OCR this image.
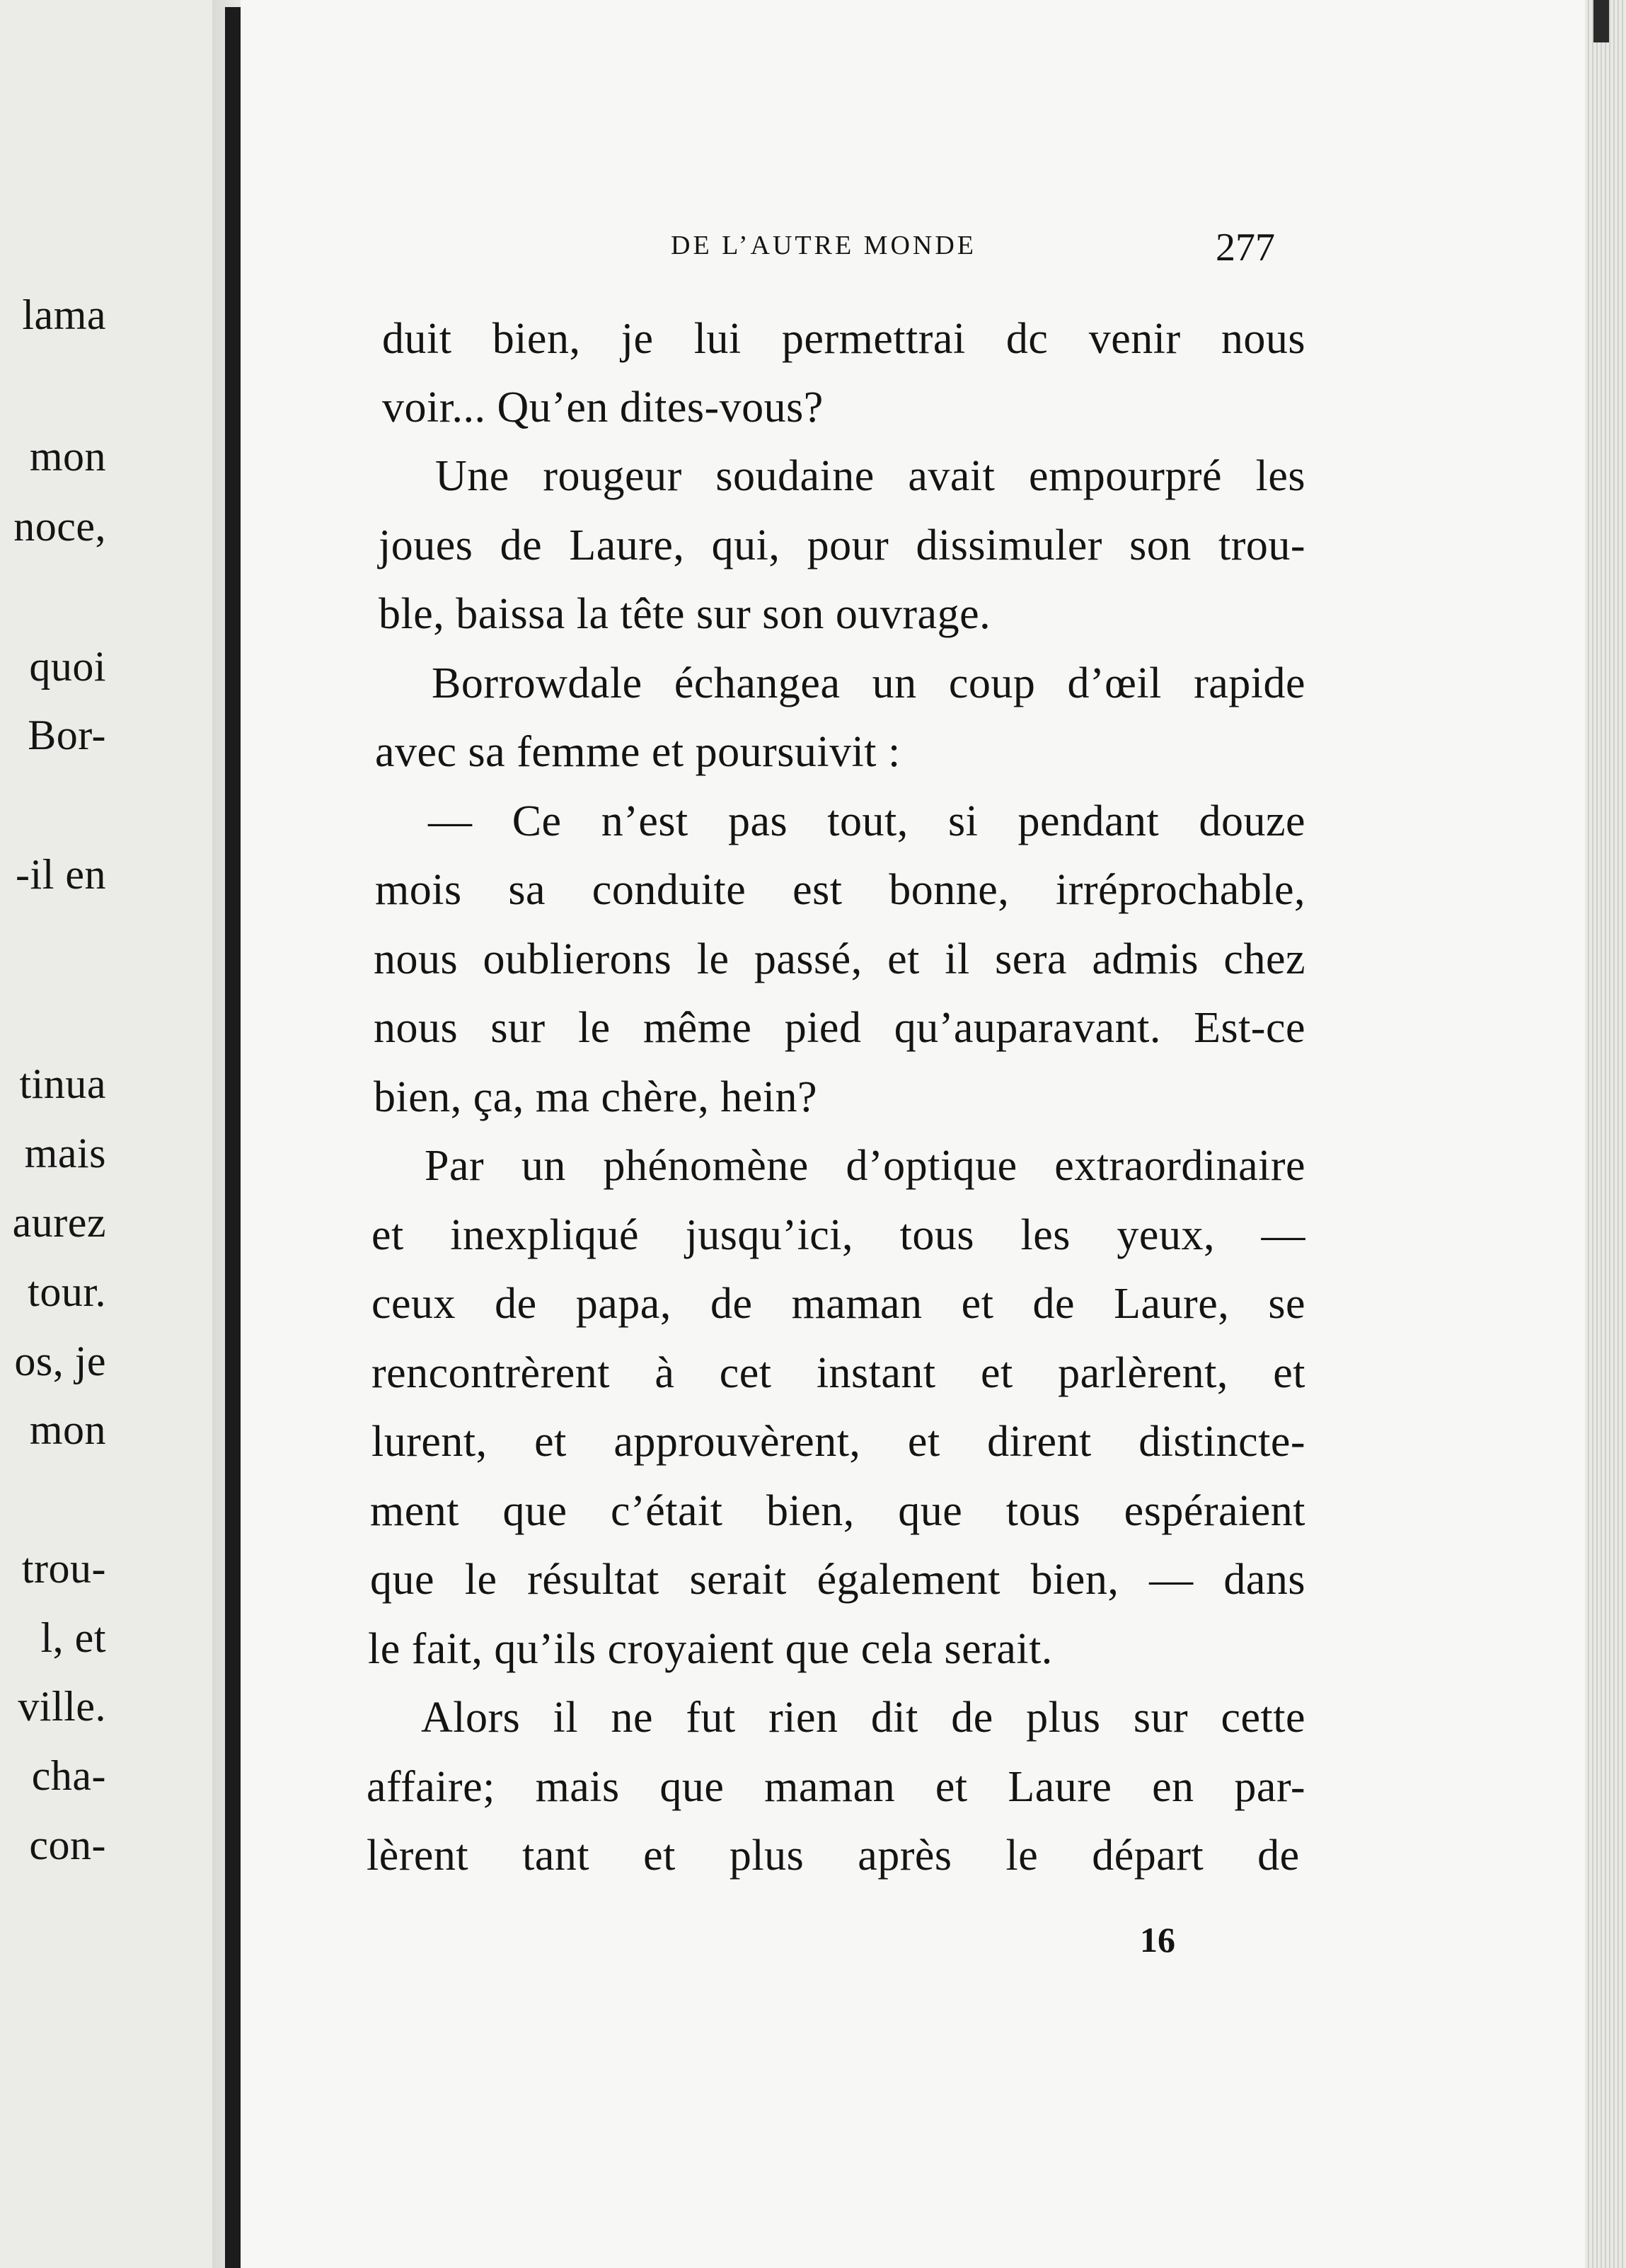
lama
mon
noce,
quoi
Bor-
-il en
tinua
mais
aurez
tour.
os, je
mon
trou-
l, et
ville.
cha-
con-
DE L’AUTRE MONDE	277
duit bien, je lui permettrai dc venir nous
voir... Qu’en dites-vous?
Une rougeur soudaine avait empourpré les
joues de Laure, qui, pour dissimuler son trou-
ble, baissa la tête sur son ouvrage.
Borrowdale échangea un coup d’œil rapide
avec sa femme et poursuivit :
— Ce n’est pas tout, si pendant douze
mois sa conduite est bonne, irréprochable,
nous oublierons le passé, et il sera admis chez
nous sur le même pied qu’auparavant. Est-ce
bien, ça, ma chère, hein?
Par un phénomène d’optique extraordinaire
et inexpliqué jusqu’ici, tous les yeux, —
ceux de papa, de maman et de Laure, se
rencontrèrent à cet instant et parlèrent, et
lurent, et approuvèrent, et dirent distincte-
ment que c’était bien, que tous espéraient
que le résultat serait également bien, — dans
le fait, qu’ils croyaient que cela serait.
Alors il ne fut rien dit de plus sur cette
affaire; mais que maman et Laure en par-
lèrent tant et plus après le départ de
16
